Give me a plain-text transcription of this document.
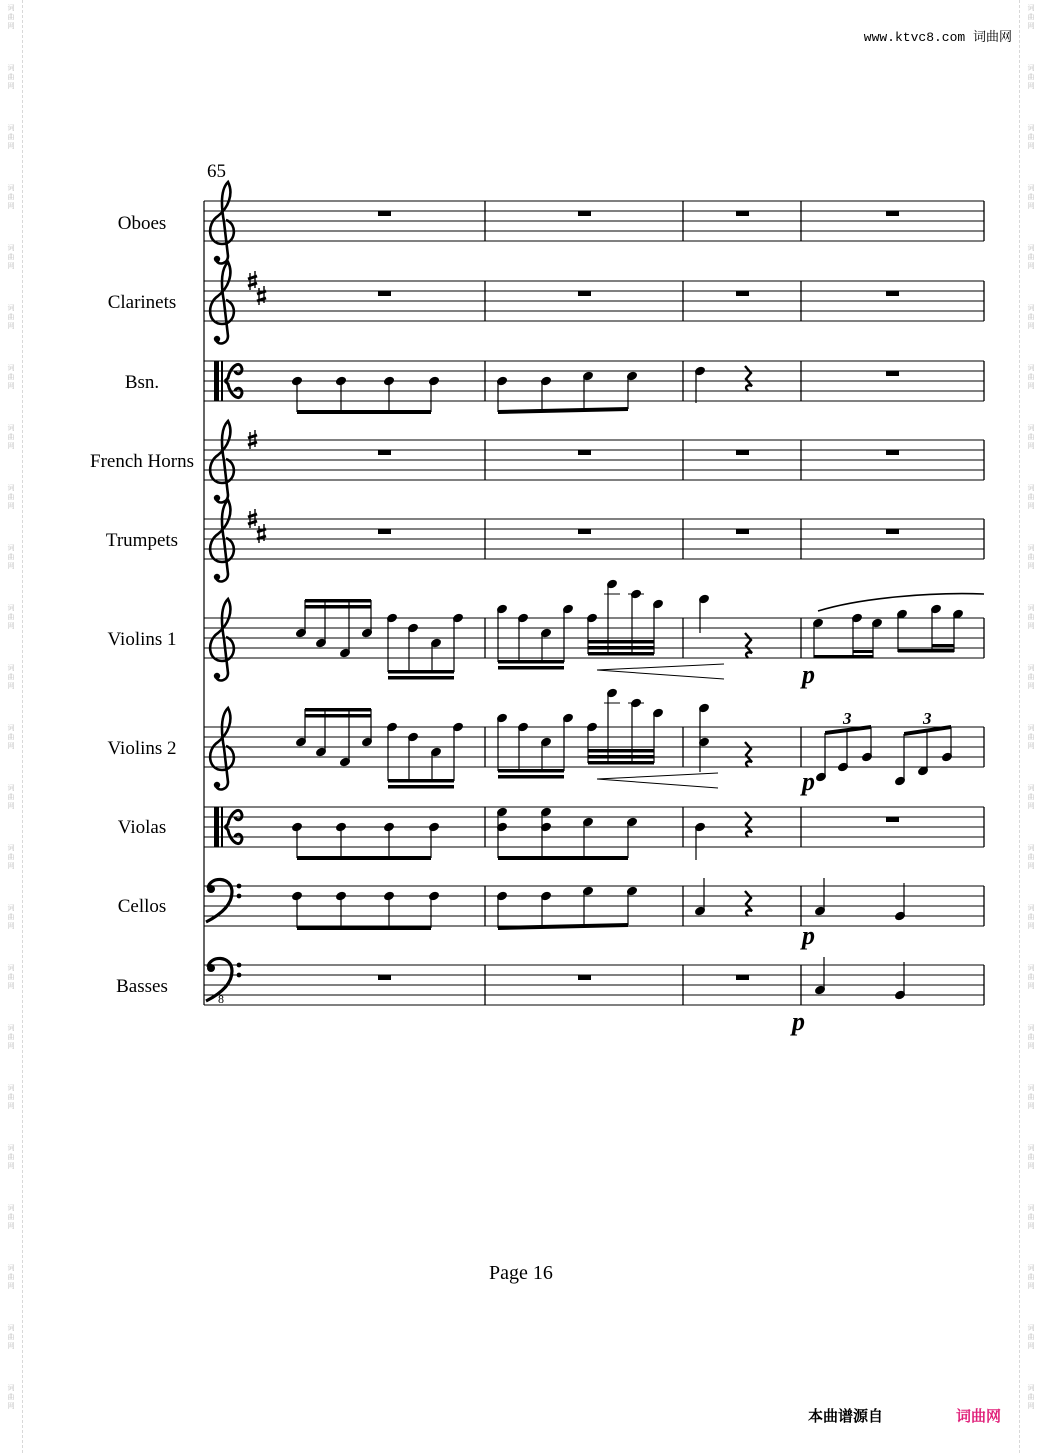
词
曲
网
词
曲
网
词
曲
网
词
曲
网
词
曲
网
词
曲
网
词
曲
网
词
曲
网
词
曲
网
词
曲
网
词
曲
网
词
曲
网
词
曲
网
词
曲
网
词
曲
网
词
曲
网
词
曲
网
词
曲
网
词
曲
网
词
曲
网
词
曲
网
词
曲
网
词
曲
网
词
曲
网
词
曲
网
词
曲
网
词
曲
网
词
曲
网
词
曲
网
词
曲
网
词
曲
网
词
曲
网
词
曲
网
词
曲
网
词
曲
网
词
曲
网
词
曲
网
词
曲
网
词
曲
网
词
曲
网
词
曲
网
词
曲
网
词
曲
网
词
曲
网
词
曲
网
词
曲
网
词
曲
网
词
曲
网
www.ktvc8.com 词曲网
65
8
Oboes
Clarinets
Bsn.
French Horns
Trumpets
Violins 1
Violins 2
Violas
Cellos
Basses
p
3	3
p
p
p
Page 16
本曲谱源自	词曲网
